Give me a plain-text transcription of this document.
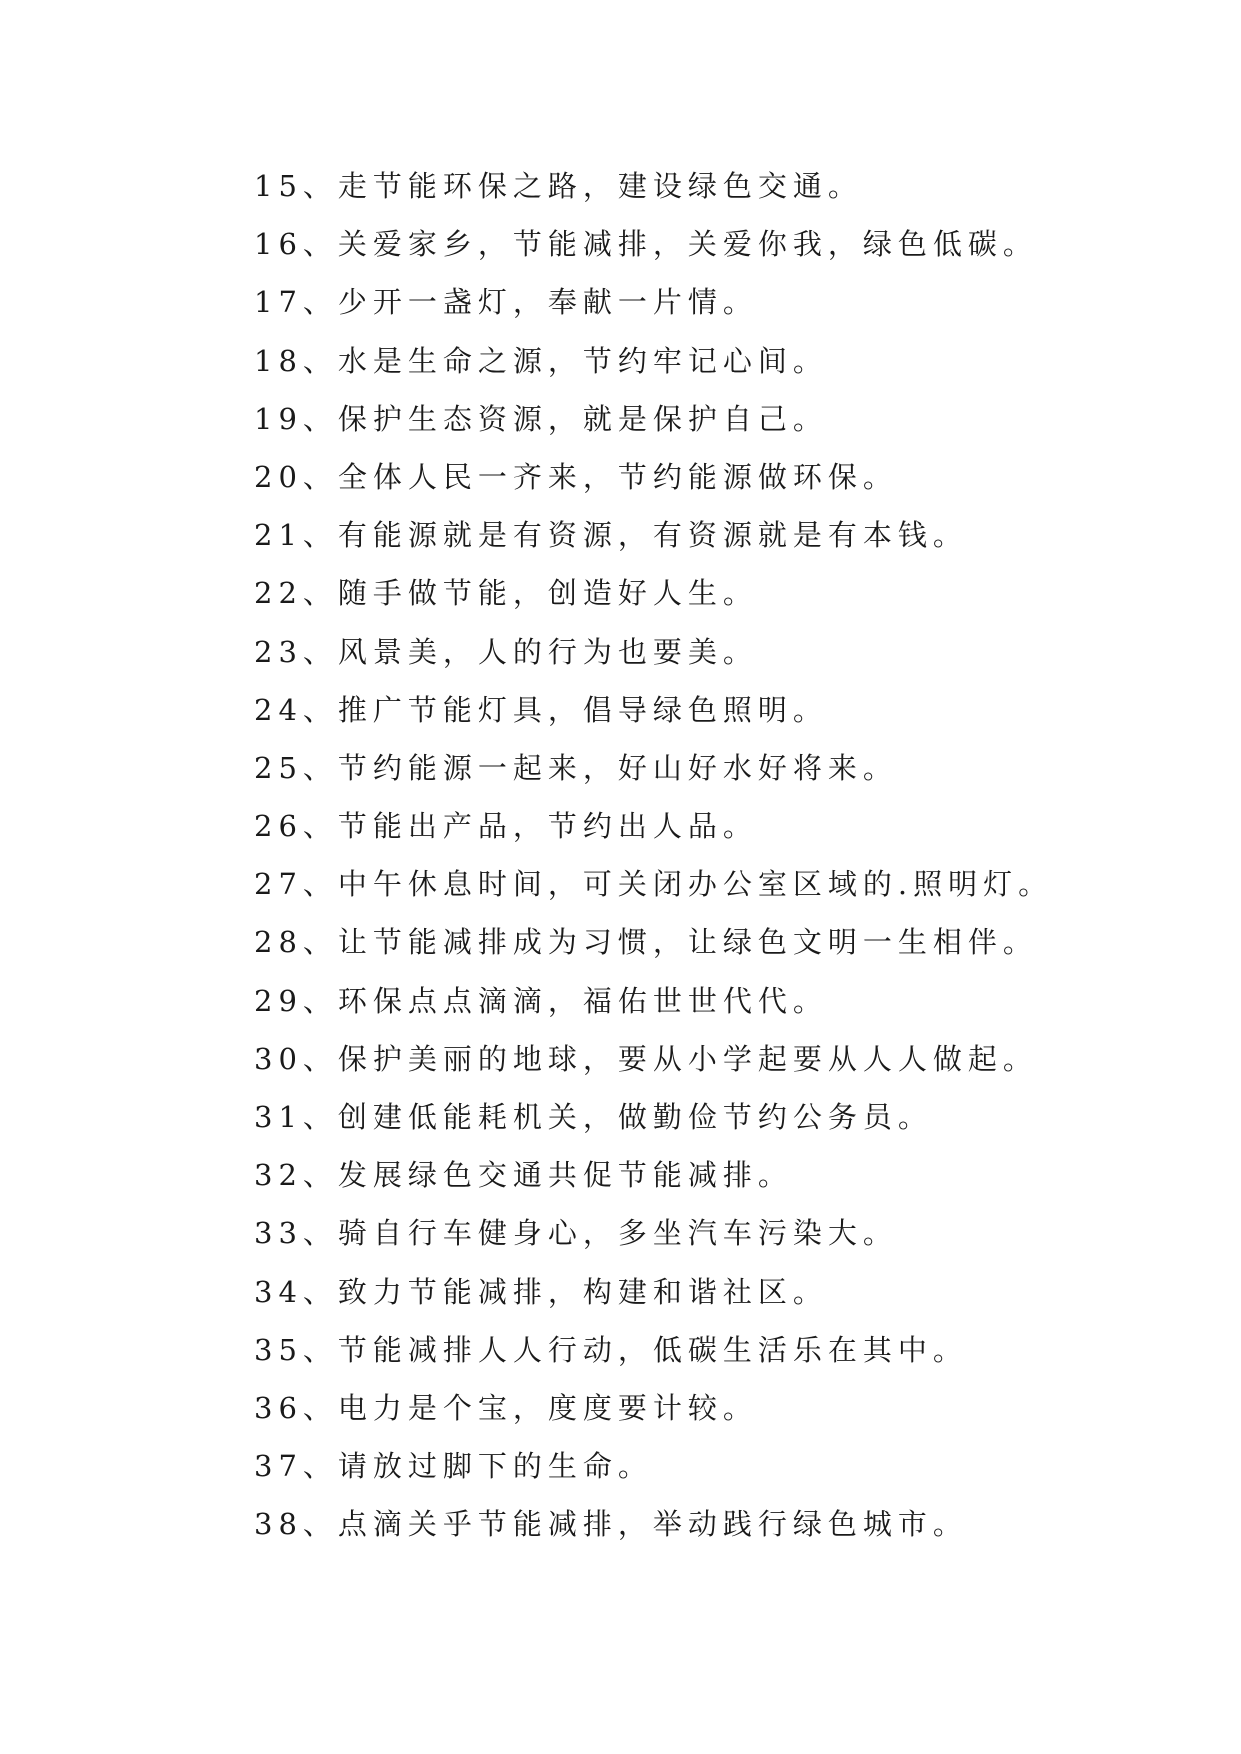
15、走节能环保之路，建设绿色交通。
16、关爱家乡，节能减排，关爱你我，绿色低碳。
17、少开一盏灯，奉献一片情。
18、水是生命之源，节约牢记心间。
19、保护生态资源，就是保护自己。
20、全体人民一齐来，节约能源做环保。
21、有能源就是有资源，有资源就是有本钱。
22、随手做节能，创造好人生。
23、风景美，人的行为也要美。
24、推广节能灯具，倡导绿色照明。
25、节约能源一起来，好山好水好将来。
26、节能出产品，节约出人品。
27、中午休息时间，可关闭办公室区域的.照明灯。
28、让节能减排成为习惯，让绿色文明一生相伴。
29、环保点点滴滴，福佑世世代代。
30、保护美丽的地球，要从小学起要从人人做起。
31、创建低能耗机关，做勤俭节约公务员。
32、发展绿色交通共促节能减排。
33、骑自行车健身心，多坐汽车污染大。
34、致力节能减排，构建和谐社区。
35、节能减排人人行动，低碳生活乐在其中。
36、电力是个宝，度度要计较。
37、请放过脚下的生命。
38、点滴关乎节能减排，举动践行绿色城市。
